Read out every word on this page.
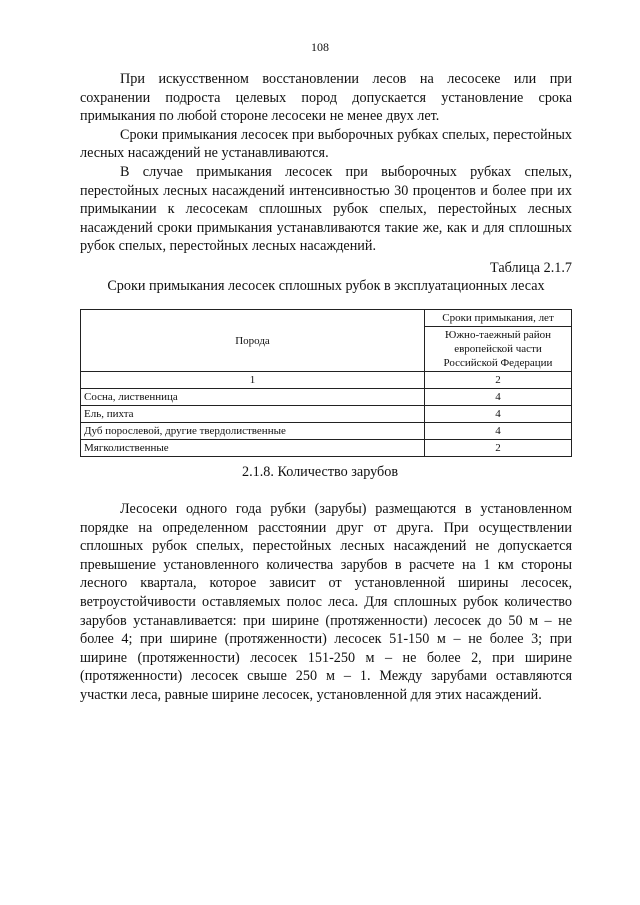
108

При искусственном восстановлении лесов на лесосеке или при сохранении подроста целевых пород допускается установление срока примыкания по любой стороне лесосеки не менее двух лет.

Сроки примыкания лесосек при выборочных рубках спелых, перестойных лесных насаждений не устанавливаются.

В случае примыкания лесосек при выборочных рубках спелых, перестойных лесных насаждений интенсивностью 30 процентов и более при их примыкании к лесосекам сплошных рубок спелых, перестойных лесных насаждений сроки примыкания устанавливаются такие же, как и для сплошных рубок спелых, перестойных лесных насаждений.

Таблица 2.1.7
Сроки примыкания лесосек сплошных рубок в эксплуатационных лесах
Порода	Сроки примыкания, лет
	Южно-таежный район европейской части Российской Федерации
1	2
Сосна, лиственница	4
Ель, пихта	4
Дуб порослевой, другие твердолиственные	4
Мягколиственные	2
2.1.8. Количество зарубов

Лесосеки одного года рубки (зарубы) размещаются в установленном порядке на определенном расстоянии друг от друга. При осуществлении сплошных рубок спелых, перестойных лесных насаждений не допускается превышение установленного количества зарубов в расчете на 1 км стороны лесного квартала, которое зависит от установленной ширины лесосек, ветроустойчивости оставляемых полос леса. Для сплошных рубок количество зарубов устанавливается: при ширине (протяженности) лесосек до 50 м – не более 4; при ширине (протяженности) лесосек 51-150 м – не более 3; при ширине (протяженности) лесосек 151-250 м – не более 2, при ширине (протяженности) лесосек свыше 250 м – 1. Между зарубами оставляются участки леса, равные ширине лесосек, установленной для этих насаждений.
